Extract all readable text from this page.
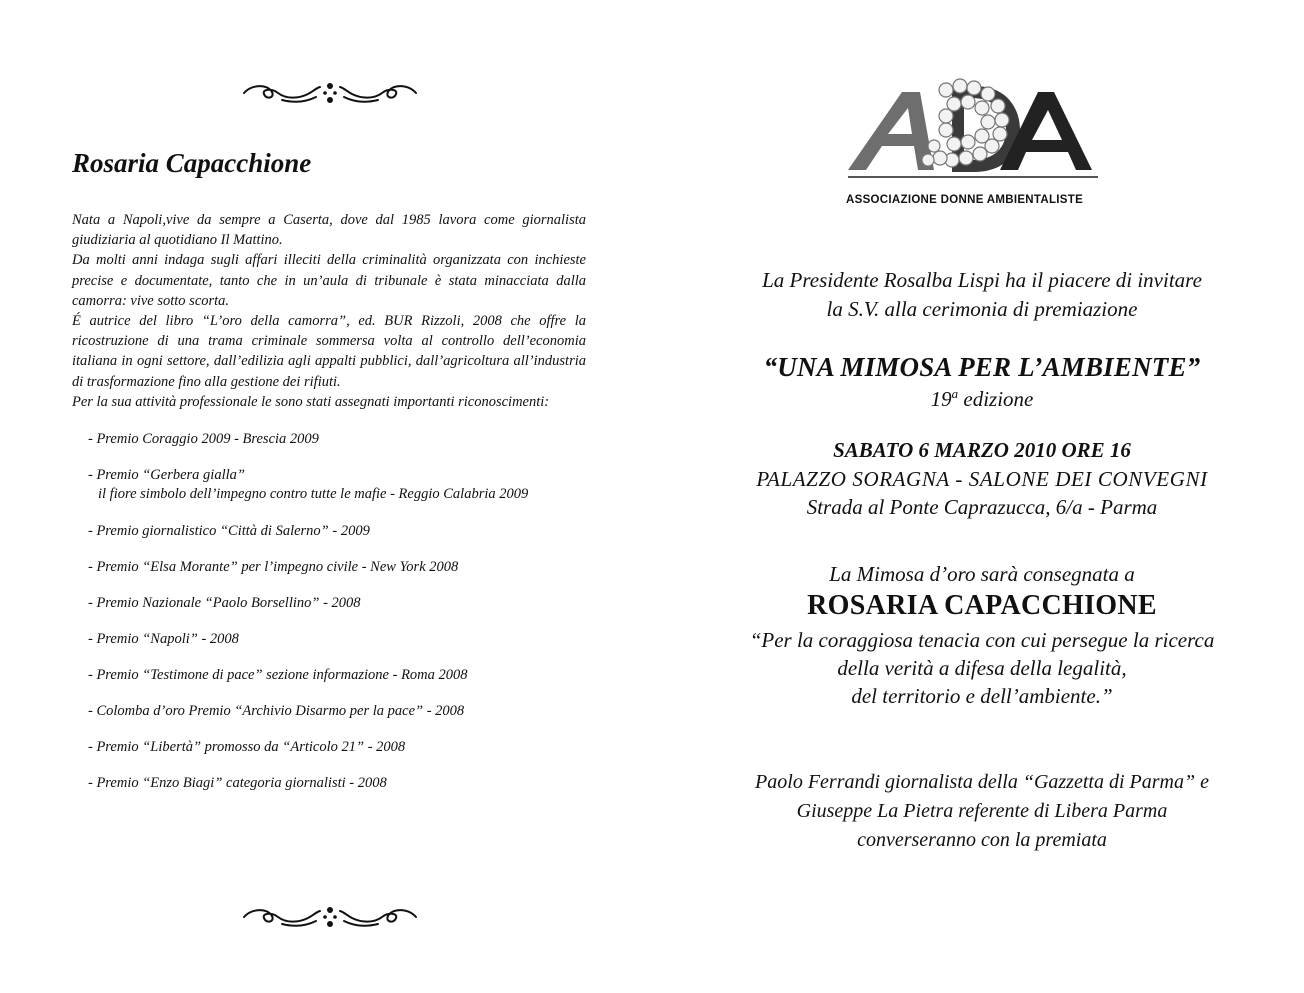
Rosaria Capacchione

Nata a Napoli,vive da sempre a Caserta, dove dal 1985 lavora come giornalista giudiziaria al quotidiano Il Mattino.

Da molti anni indaga sugli affari illeciti della criminalità organizzata con inchieste precise e documentate, tanto che in un’aula di tribunale è stata minacciata dalla camorra: vive sotto scorta.

É autrice del libro “L’oro della camorra”, ed. BUR Rizzoli, 2008 che offre la ricostruzione di una trama criminale sommersa volta al controllo dell’economia italiana in ogni settore, dall’edilizia agli appalti pubblici, dall’agricoltura all’industria di trasformazione fino alla gestione dei rifiuti.

Per la sua attività professionale le sono stati assegnati importanti riconoscimenti:

- Premio Coraggio 2009 - Brescia 2009
- Premio “Gerbera gialla”
il fiore simbolo dell’impegno contro tutte le mafie - Reggio Calabria 2009
- Premio giornalistico “Città di Salerno” - 2009
- Premio “Elsa Morante” per l’impegno civile - New York 2008
- Premio Nazionale “Paolo Borsellino” - 2008
- Premio “Napoli” - 2008
- Premio “Testimone di pace” sezione informazione - Roma 2008
- Colomba d’oro Premio “Archivio Disarmo per la pace” - 2008
- Premio “Libertà” promosso da “Articolo 21” - 2008
- Premio “Enzo Biagi” categoria giornalisti - 2008
ASSOCIAZIONE DONNE AMBIENTALISTE
La Presidente Rosalba Lispi ha il piacere di invitare
la S.V. alla cerimonia di premiazione
“UNA MIMOSA PER L’AMBIENTE”
19$^a$ edizione
SABATO 6 MARZO 2010 ORE 16
PALAZZO SORAGNA - SALONE DEI CONVEGNI
Strada al Ponte Caprazucca, 6/a - Parma
La Mimosa d’oro sarà consegnata a
ROSARIA CAPACCHIONE
“Per la coraggiosa tenacia con cui persegue la ricerca
della verità a difesa della legalità,
del territorio e dell’ambiente.”
Paolo Ferrandi giornalista della “Gazzetta di Parma” e
Giuseppe La Pietra referente di Libera Parma
converseranno con la premiata
